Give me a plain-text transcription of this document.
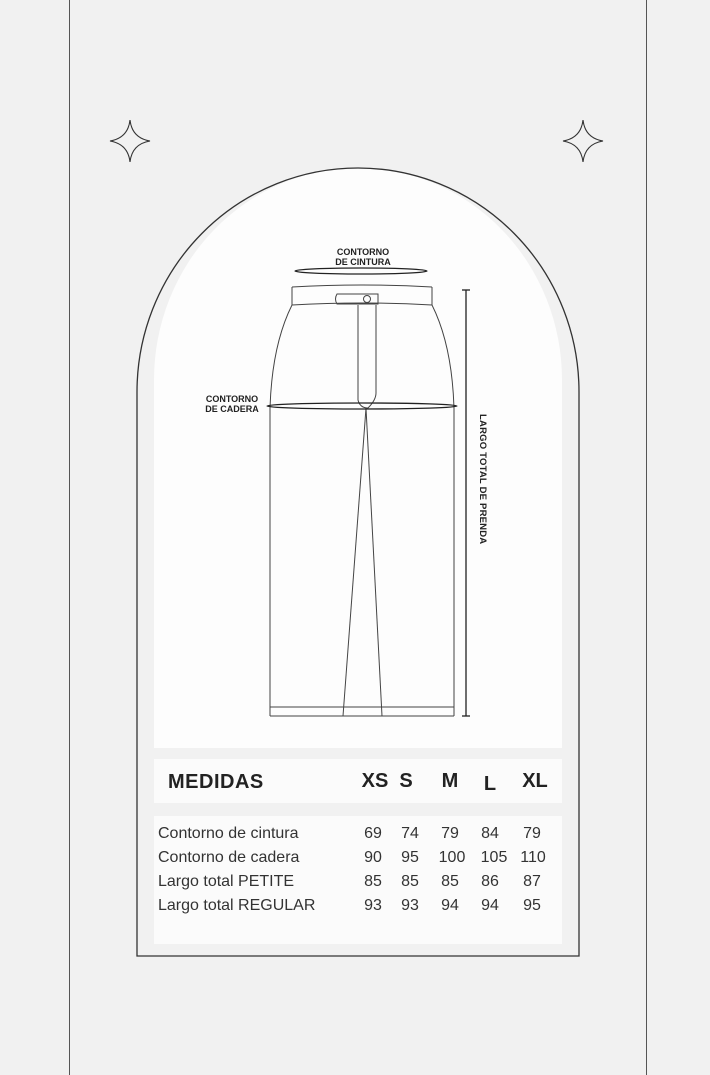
CONTORNO
DE CINTURA
CONTORNO
DE CADERA
LARGO TOTAL DE PRENDA
MEDIDAS	XS S M L XL
Contorno de cintura	69 74 79 84 79
Contorno de cadera	90 95 100 105 110
Largo total PETITE	85 85 85 86 87
Largo total REGULAR	93 93 94 94 95
